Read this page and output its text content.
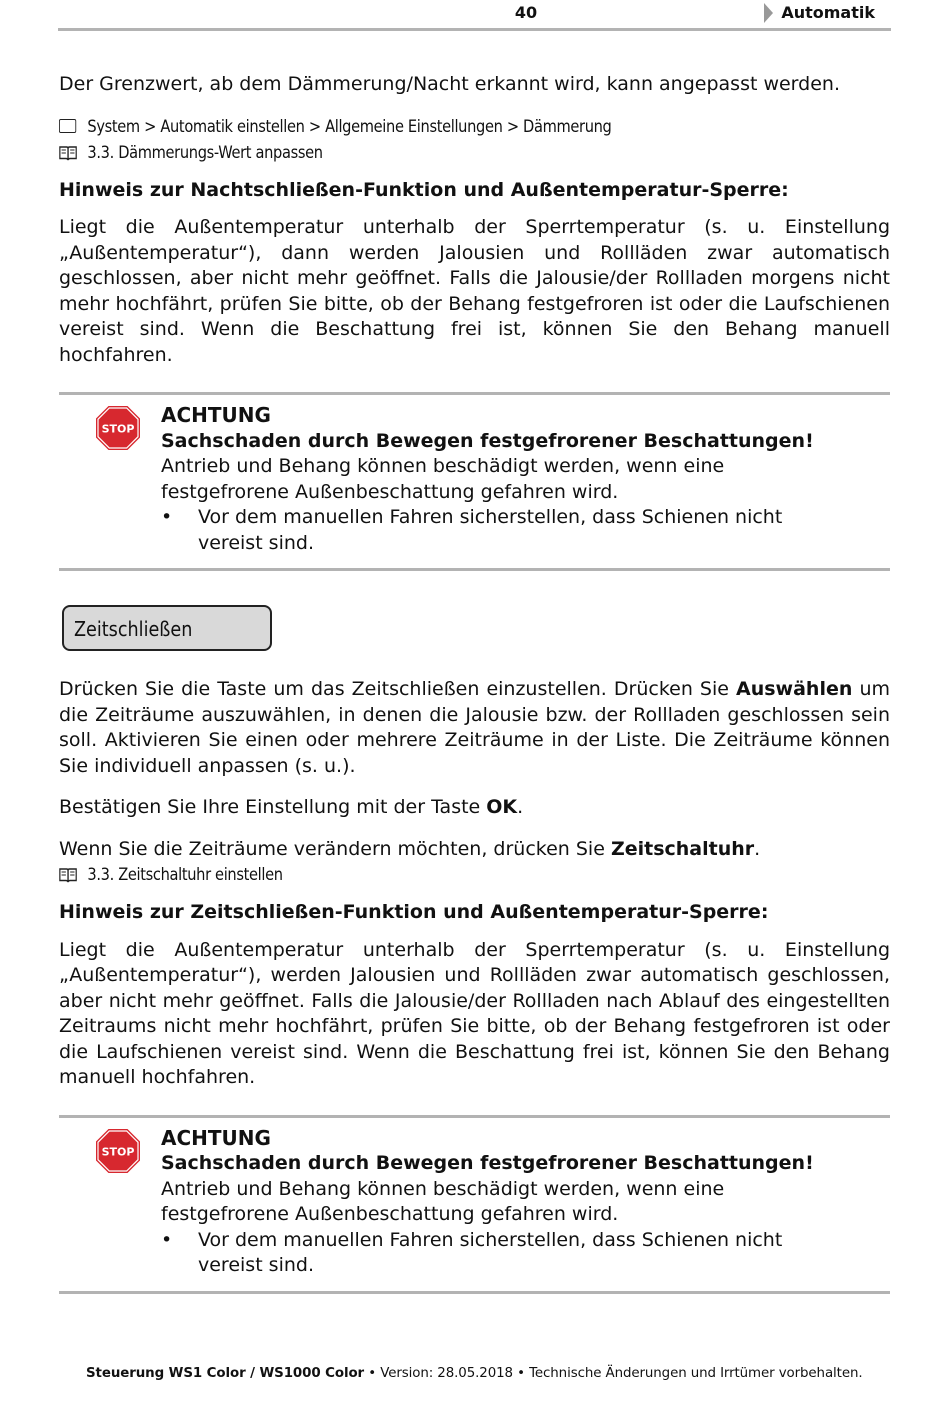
40	Automatik

Der Grenzwert, ab dem Dämmerung/Nacht erkannt wird, kann angepasst werden.

System > Automatik einstellen > Allgemeine Einstellungen > Dämmerung
3.3. Dämmerungs-Wert anpassen
Hinweis zur Nachtschließen-Funktion und Außentemperatur-Sperre:

Liegt die Außentemperatur unterhalb der Sperrtemperatur (s. u. Einstellung „Außentemperatur“), dann werden Jalousien und Rollläden zwar automatisch geschlossen, aber nicht mehr geöffnet. Falls die Jalousie/der Rollladen morgens nicht mehr hochfährt, prüfen Sie bitte, ob der Behang festgefroren ist oder die Laufschienen vereist sind. Wenn die Beschattung frei ist, können Sie den Behang manuell hochfahren.

STOP
ACHTUNG
Sachschaden durch Bewegen festgefrorener Beschattungen!
Antrieb und Behang können beschädigt werden, wenn eine festgefrorene Außenbeschattung gefahren wird.
• Vor dem manuellen Fahren sicherstellen, dass Schienen nicht vereist sind.
Zeitschließen

Drücken Sie die Taste um das Zeitschließen einzustellen. Drücken Sie Auswählen um die Zeiträume auszuwählen, in denen die Jalousie bzw. der Rollladen geschlossen sein soll. Aktivieren Sie einen oder mehrere Zeiträume in der Liste. Die Zeiträume können Sie individuell anpassen (s. u.).

Bestätigen Sie Ihre Einstellung mit der Taste OK.

Wenn Sie die Zeiträume verändern möchten, drücken Sie Zeitschaltuhr.

3.3. Zeitschaltuhr einstellen
Hinweis zur Zeitschließen-Funktion und Außentemperatur-Sperre:

Liegt die Außentemperatur unterhalb der Sperrtemperatur (s. u. Einstellung „Außentemperatur“), werden Jalousien und Rollläden zwar automatisch geschlossen, aber nicht mehr geöffnet. Falls die Jalousie/der Rollladen nach Ablauf des eingestellten Zeitraums nicht mehr hochfährt, prüfen Sie bitte, ob der Behang festgefroren ist oder die Laufschienen vereist sind. Wenn die Beschattung frei ist, können Sie den Behang manuell hochfahren.

STOP
ACHTUNG
Sachschaden durch Bewegen festgefrorener Beschattungen!
Antrieb und Behang können beschädigt werden, wenn eine festgefrorene Außenbeschattung gefahren wird.
• Vor dem manuellen Fahren sicherstellen, dass Schienen nicht vereist sind.
Steuerung WS1 Color / WS1000 Color • Version: 28.05.2018 • Technische Änderungen und Irrtümer vorbehalten.
